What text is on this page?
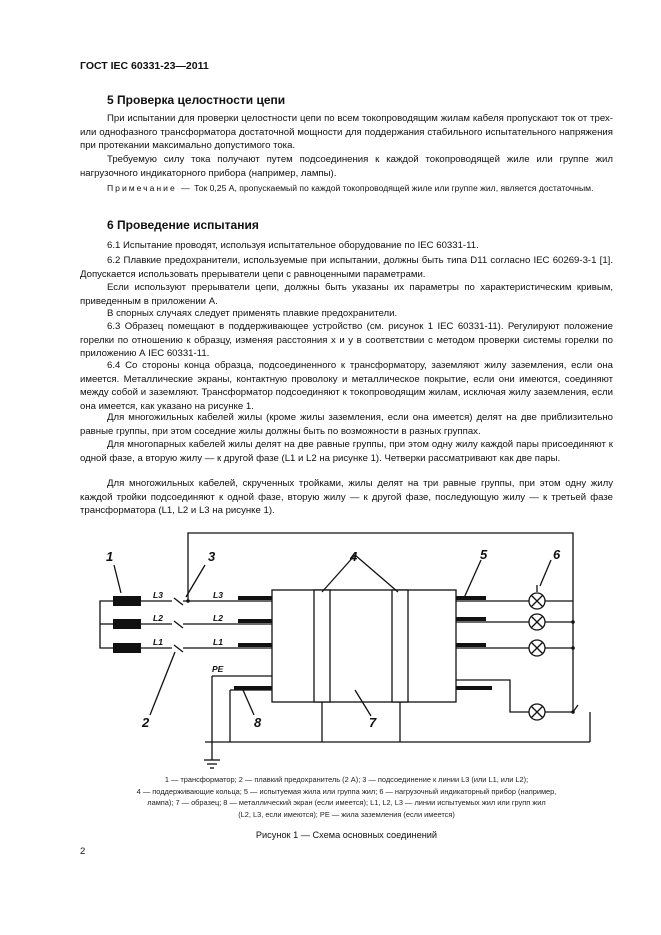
ГОСТ IEC 60331-23—2011
5 Проверка целостности цепи
При испытании для проверки целостности цепи по всем токопроводящим жилам кабеля пропускают ток от трех- или однофазного трансформатора достаточной мощности для поддержания стабильного испытательного напряжения при протекании максимально допустимого тока.
Требуемую силу тока получают путем подсоединения к каждой токопроводящей жиле или группе жил нагрузочного индикаторного прибора (например, лампы).
Примечание — Ток 0,25 А, пропускаемый по каждой токопроводящей жиле или группе жил, является достаточным.
6 Проведение испытания
6.1 Испытание проводят, используя испытательное оборудование по IEC 60331-11.
6.2 Плавкие предохранители, используемые при испытании, должны быть типа D11 согласно IEC 60269-3-1 [1]. Допускается использовать прерыватели цепи с равноценными параметрами.
Если используют прерыватели цепи, должны быть указаны их параметры по характеристическим кривым, приведенным в приложении А.
В спорных случаях следует применять плавкие предохранители.
6.3 Образец помещают в поддерживающее устройство (см. рисунок 1 IEC 60331-11). Регулируют положение горелки по отношению к образцу, изменяя расстояния x и y в соответствии с методом проверки системы горелки по приложению А IEC 60331-11.
6.4 Со стороны конца образца, подсоединенного к трансформатору, заземляют жилу заземления, если она имеется. Металлические экраны, контактную проволоку и металлическое покрытие, если они имеются, соединяют между собой и заземляют. Трансформатор подсоединяют к токопроводящим жилам, исключая жилу заземления, если она имеется, как указано на рисунке 1.
Для многожильных кабелей жилы (кроме жилы заземления, если она имеется) делят на две приблизительно равные группы, при этом соседние жилы должны быть по возможности в разных группах.
Для многопарных кабелей жилы делят на две равные группы, при этом одну жилу каждой пары присоединяют к одной фазе, а вторую жилу — к другой фазе (L1 и L2 на рисунке 1). Четверки рассматривают как две пары.
Для многожильных кабелей, скрученных тройками, жилы делят на три равные группы, при этом одну жилу каждой тройки подсоединяют к одной фазе, вторую жилу — к другой фазе, последующую жилу — к третьей фазе трансформатора (L1, L2 и L3 на рисунке 1).
1	3	4	5	6
2	8	7
L3
L2
L1
L3
L2
L1
PE
1 — трансформатор; 2 — плавкий предохранитель (2 А); 3 — подсоединение к линии L3 (или L1, или L2);
4 — поддерживающие кольца; 5 — испытуемая жила или группа жил; 6 — нагрузочный индикаторный прибор (например,
лампа); 7 — образец; 8 — металлический экран (если имеется); L1, L2, L3 — линии испытуемых жил или групп жил
(L2, L3, если имеются); PE — жила заземления (если имеется)
Рисунок 1 — Схема основных соединений
2
